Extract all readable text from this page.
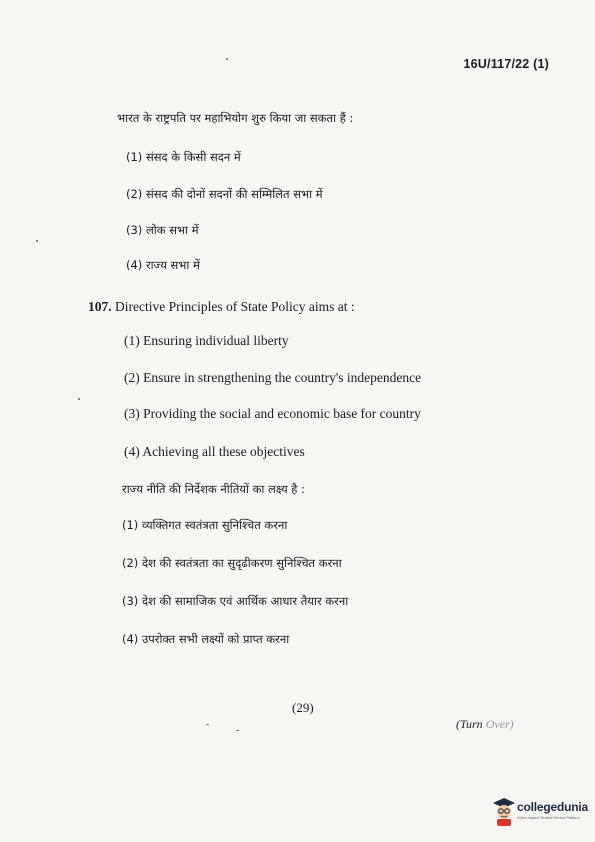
16U/117/22 (1)
भारत के राष्ट्रपति पर महाभियोग शुरु किया जा सकता हैं :
(1) संसद के किसी सदन में
(2) संसद की दोनों सदनों की सम्मिलित सभा में
(3) लोक सभा में
(4) राज्य सभा में
107. Directive Principles of State Policy aims at :
(1) Ensuring individual liberty
(2) Ensure in strengthening the country's independence
(3) Providing the social and economic base for country
(4) Achieving all these objectives
राज्य नीति की निर्देशक नीतियों का लक्ष्य है :
(1) व्यक्तिगत स्वतंत्रता सुनिश्चित करना
(2) देश की स्वतंत्रता का सुदृढीकरण सुनिश्चित करना
(3) देश की सामाजिक एवं आर्थिक आधार तैयार करना
(4) उपरोक्त सभी लक्ष्यों को प्राप्त करना
(29)
(Turn Over)
collegedunia
India's largest Student Review Platform
